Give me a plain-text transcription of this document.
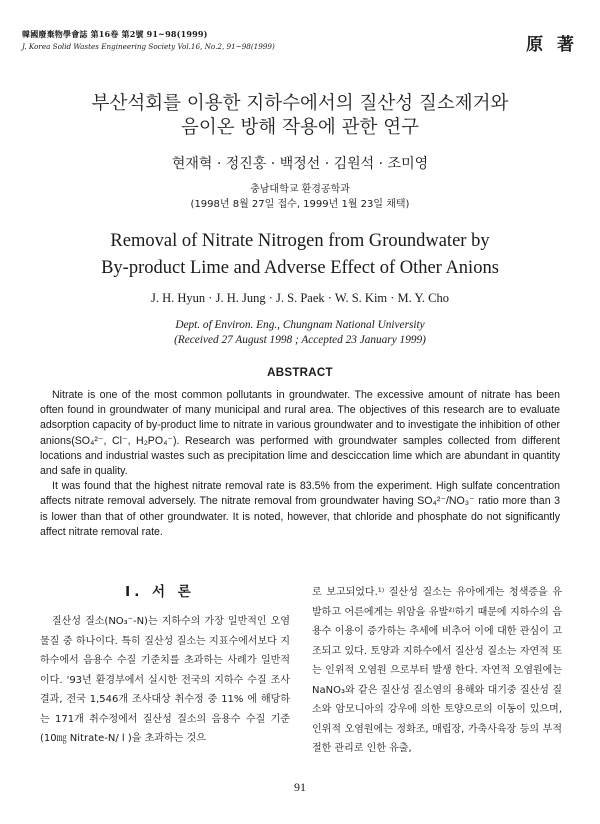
韓國廢棄物學會誌 第16卷 第2號 91~98(1999)
J. Korea Solid Wastes Engineering Society Vol.16, No.2, 91~98(1999)	原 著
부산석회를 이용한 지하수에서의 질산성 질소제거와
음이온 방해 작용에 관한 연구
현재혁 · 정진홍 · 백정선 · 김원석 · 조미영
충남대학교 환경공학과
(1998년 8월 27일 접수, 1999년 1월 23일 채택)
Removal of Nitrate Nitrogen from Groundwater by
By-product Lime and Adverse Effect of Other Anions
J. H. Hyun · J. H. Jung · J. S. Paek · W. S. Kim · M. Y. Cho
Dept. of Environ. Eng., Chungnam National University
(Received 27 August 1998 ; Accepted 23 January 1999)
ABSTRACT

Nitrate is one of the most common pollutants in groundwater. The excessive amount of nitrate has been often found in groundwater of many municipal and rural area. The objectives of this research are to evaluate adsorption capacity of by-product lime to nitrate in various groundwater and to investigate the inhibition of other anions(SO₄²⁻, Cl⁻, H₂PO₄⁻). Research was performed with groundwater samples collected from different locations and industrial wastes such as precipitation lime and desciccation lime which are abundant in quantity and safe in quality.

It was found that the highest nitrate removal rate is 83.5% from the experiment. High sulfate concentration affects nitrate removal adversely. The nitrate removal from groundwater having SO₄²⁻/NO₃⁻ ratio more than 3 is lower than that of other groundwater. It is noted, however, that chloride and phosphate do not significantly affect nitrate removal rate.

I. 서 론

질산성 질소(NO₃⁻-N)는 지하수의 가장 일반적인 오염물질 중 하나이다. 특히 질산성 질소는 지표수에서보다 지하수에서 음용수 수질 기준치를 초과하는 사례가 일반적이다. '93년 환경부에서 실시한 전국의 지하수 수질 조사 결과, 전국 1,546개 조사대상 취수정 중 11% 에 해당하는 171개 취수정에서 질산성 질소의 음용수 수질 기준(10㎎ Nitrate-N/ l )을 초과하는 것으

로 보고되었다.¹⁾ 질산성 질소는 유아에게는 청색증을 유발하고 어른에게는 위암을 유발²⁾하기 때문에 지하수의 음용수 이용이 증가하는 추세에 비추어 이에 대한 관심이 고조되고 있다. 토양과 지하수에서 질산성 질소는 자연적 또는 인위적 오염원 으로부터 발생 한다. 자연적 오염원에는 NaNO₃와 같은 질산성 질소염의 용해와 대기중 질산성 질소와 암모니아의 강우에 의한 토양으로의 이동이 있으며, 인위적 오염원에는 정화조, 매립장, 가축사육장 등의 부적절한 관리로 인한 유출,

91
